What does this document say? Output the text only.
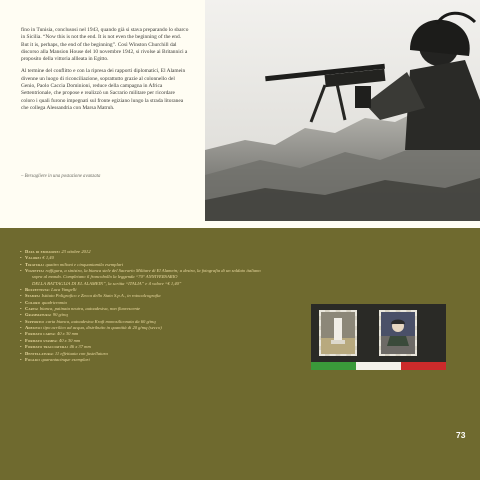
fino in Tunisia, conclusosi nel 1943, quando già si stava preparando lo sbarco in Sicilia. “Now this is not the end. It is not even the beginning of the end. But it is, perhaps, the end of the beginning”. Così Winston Churchill dal discorso alla Mansion House del 10 novembre 1942, si rivolse ai Britannici a proposito della vittoria allleata in Egitto.

Al termine del conflitto e con la ripresa dei rapporti diplomatici, El Alamein divenne un luogo di riconciliazione, soprattutto grazie al colonnello del Genio, Paolo Caccia Dominioni, reduce della campagna in Africa Settentrionale, che propose e realizzò un Sacrario militare per ricordare coloro i quali furono impegnati sul fronte egiziano lungo la strada litoranea che collega Alessandria con Marsa Matruh.

– Bersagliere in una postazione avanzata
• Data di emissione: 23 ottobre 2012
• Valore: € 1,40
• Tiratura: quattro milioni e cinquantamila esemplari
• Vignetta: raffigura, a sinistra, la bianca stele del Sacrario Militare di El Alamein; a destra, la fotografia di un soldato italiano
sopra al mondo. Completano il francobollo la leggenda “70° ANNIVERSARIO
DELLA BATTAGLIA DI EL ALAMEIN”, la scritta “ITALIA” e il valore “€ 1,40”
• Bozzettista: Luca Vangelli
• Stampa: Istituto Poligrafico e Zecca dello Stato S.p.A., in rotocalcografia
• Colori: quadricromia
• Carta: bianca, patinata neutra, autoadesiva, non fluorescente
• Grammatura: 90 g/mq
• Supporto: carta bianca, autoadesiva Kraft monosiliconata da 60 g/mq
• Adesivo: tipo acrilico ad acqua, distribuito in quantità di 20 g/mq (secco)
• Formato carta: 40 x 30 mm
• Formato stampa: 40 x 30 mm
• Formato tracciatura: 46 x 37 mm
• Dentellatura: 11 effettuata con fustellatura
• Foglio: quarantacinque esemplari
73
